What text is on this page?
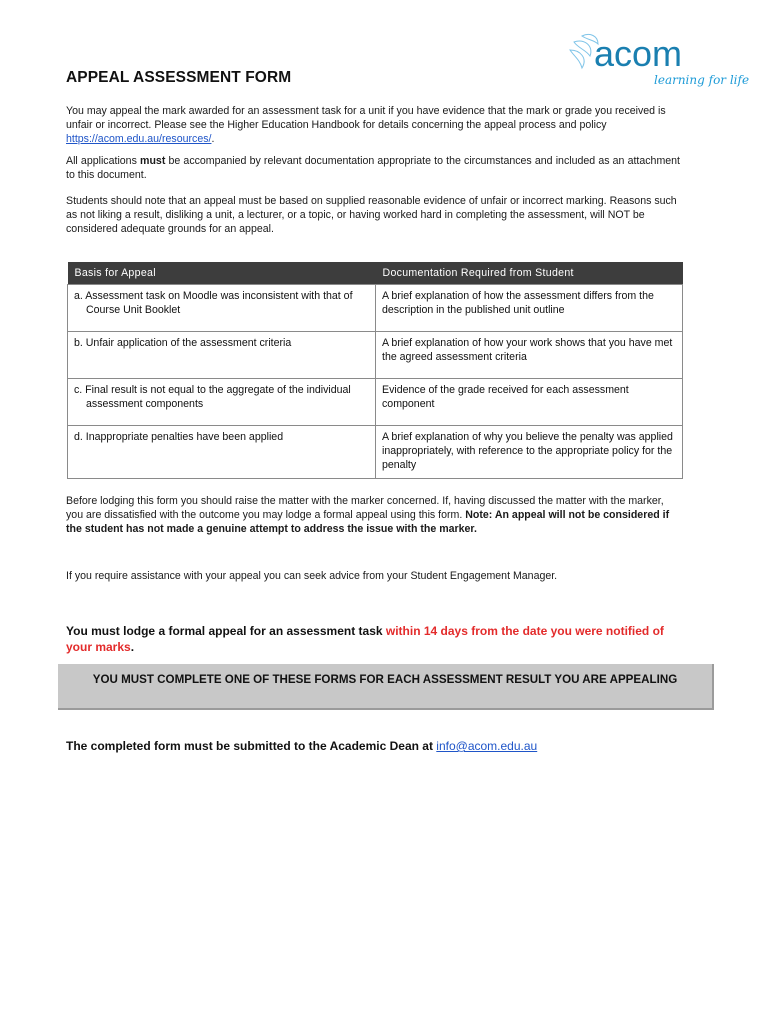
acom
learning for life
APPEAL ASSESSMENT FORM
You may appeal the mark awarded for an assessment task for a unit if you have evidence that the mark or grade you received is unfair or incorrect. Please see the Higher Education Handbook for details concerning the appeal process and policy https://acom.edu.au/resources/.
All applications must be accompanied by relevant documentation appropriate to the circumstances and included as an attachment to this document.
Students should note that an appeal must be based on supplied reasonable evidence of unfair or incorrect marking. Reasons such as not liking a result, disliking a unit, a lecturer, or a topic, or having worked hard in completing the assessment, will NOT be considered adequate grounds for an appeal.
Basis for Appeal	Documentation Required from Student

a. Assessment task on Moodle was inconsistent with that of Course Unit Booklet	A brief explanation of how the assessment differs from the description in the published unit outline

b. Unfair application of the assessment criteria	A brief explanation of how your work shows that you have met the agreed assessment criteria

c. Final result is not equal to the aggregate of the individual assessment components	Evidence of the grade received for each assessment component

d. Inappropriate penalties have been applied	A brief explanation of why you believe the penalty was applied inappropriately, with reference to the appropriate policy for the penalty
Before lodging this form you should raise the matter with the marker concerned. If, having discussed the matter with the marker, you are dissatisfied with the outcome you may lodge a formal appeal using this form. Note: An appeal will not be considered if the student has not made a genuine attempt to address the issue with the marker.
If you require assistance with your appeal you can seek advice from your Student Engagement Manager.
You must lodge a formal appeal for an assessment task within 14 days from the date you were notified of your marks.
YOU MUST COMPLETE ONE OF THESE FORMS FOR EACH ASSESSMENT RESULT YOU ARE APPEALING
The completed form must be submitted to the Academic Dean at info@acom.edu.au
